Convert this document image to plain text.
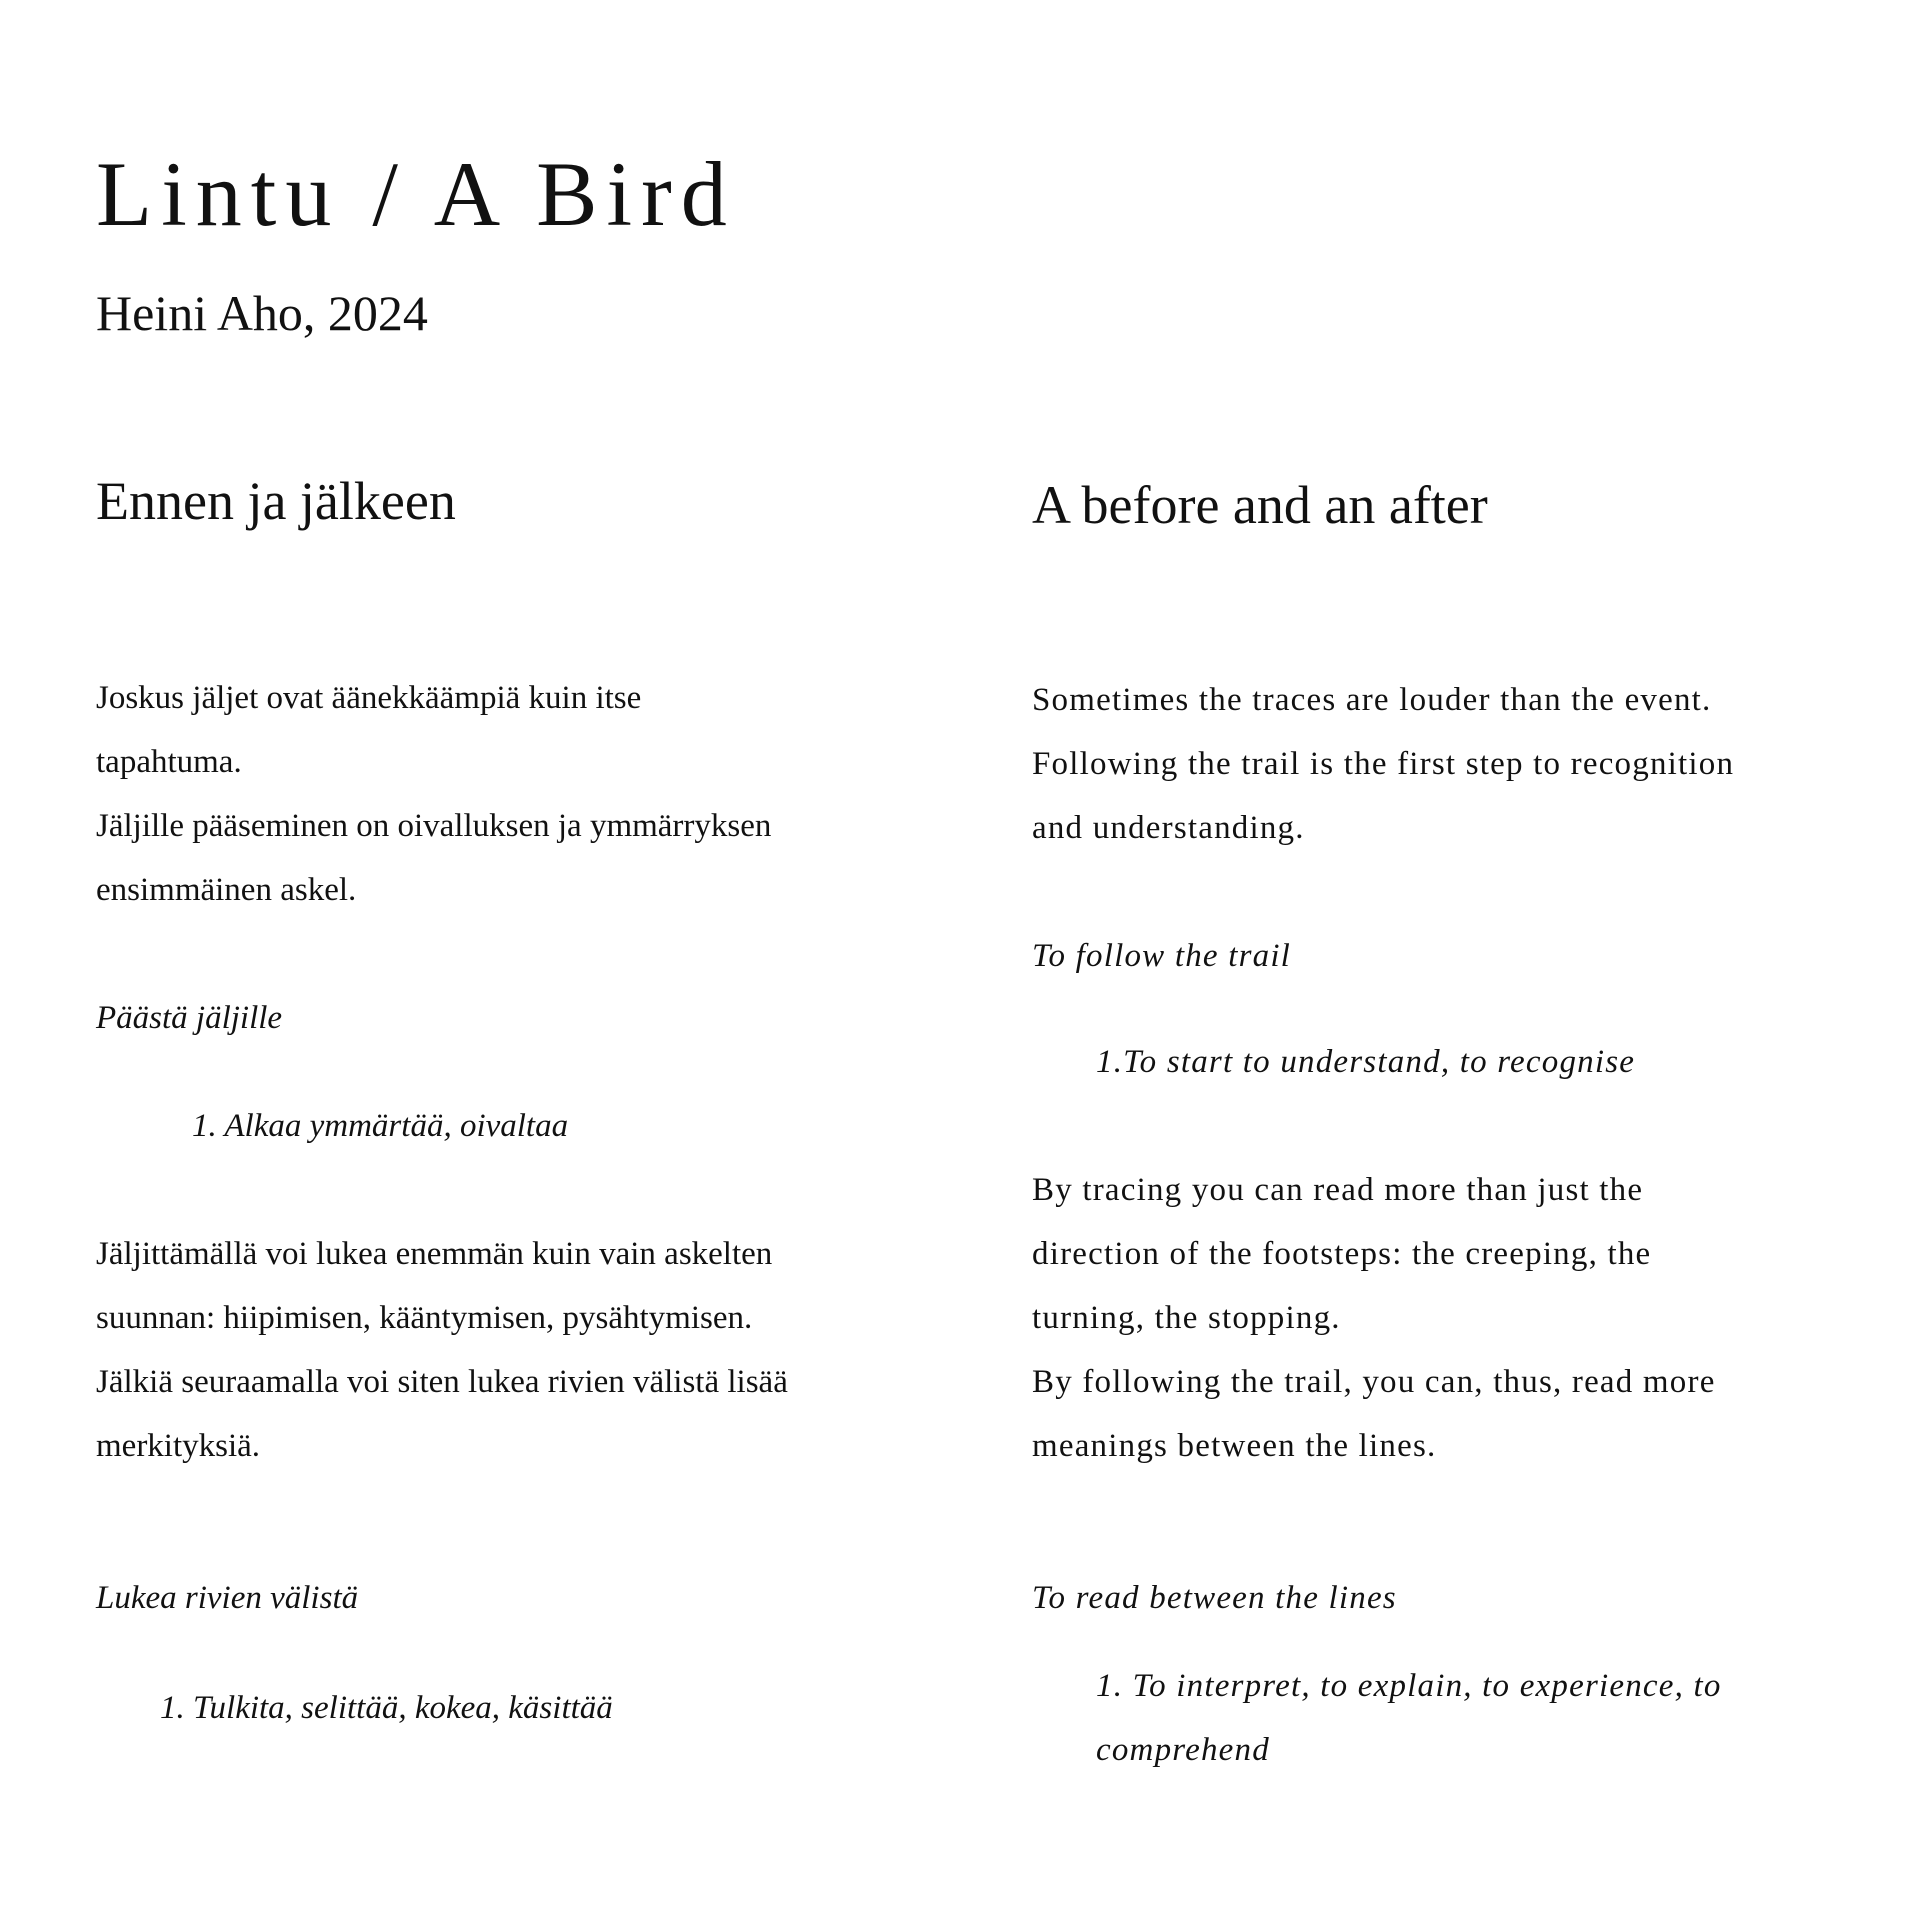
Lintu / A Bird
Heini Aho, 2024
Ennen ja jälkeen

Joskus jäljet ovat äänekkäämpiä kuin itse
tapahtuma.
Jäljille pääseminen on oivalluksen ja ymmärryksen
ensimmäinen askel.

Päästä jäljille

1. Alkaa ymmärtää, oivaltaa

Jäljittämällä voi lukea enemmän kuin vain askelten
suunnan: hiipimisen, kääntymisen, pysähtymisen.
Jälkiä seuraamalla voi siten lukea rivien välistä lisää
merkityksiä.

Lukea rivien välistä

1. Tulkita, selittää, kokea, käsittää

A before and an after

Sometimes the traces are louder than the event.
Following the trail is the first step to recognition
and understanding.

To follow the trail

1.To start to understand, to recognise

By tracing you can read more than just the
direction of the footsteps: the creeping, the
turning, the stopping.
By following the trail, you can, thus, read more
meanings between the lines.

To read between the lines

1. To interpret, to explain, to experience, to
comprehend
